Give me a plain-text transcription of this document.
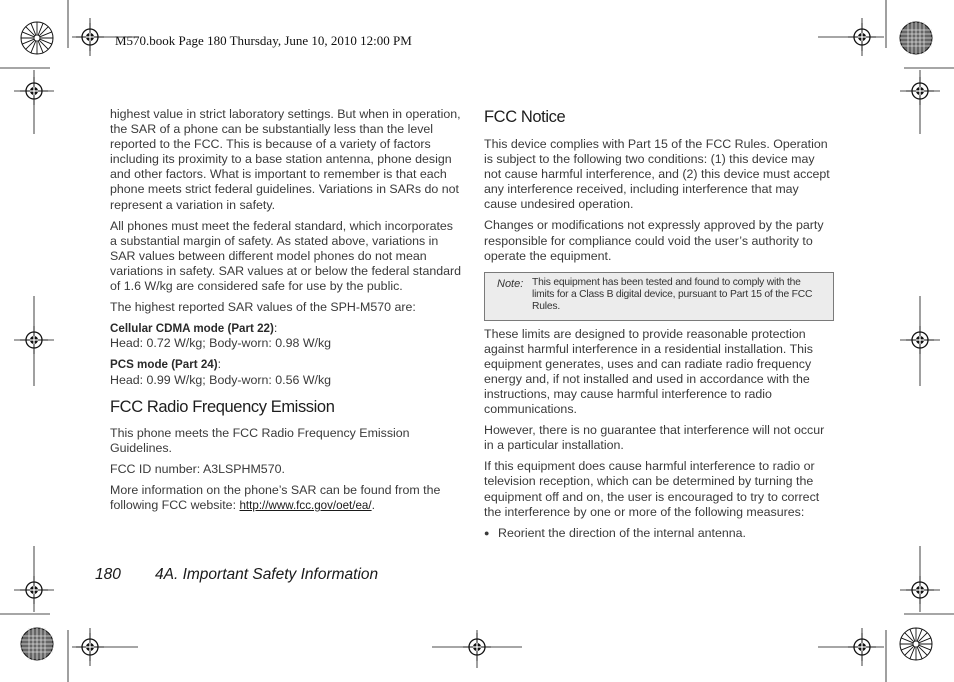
M570.book Page 180 Thursday, June 10, 2010 12:00 PM

highest value in strict laboratory settings. But when in operation, the SAR of a phone can be substantially less than the level reported to the FCC. This is because of a variety of factors including its proximity to a base station antenna, phone design and other factors. What is important to remember is that each phone meets strict federal guidelines. Variations in SARs do not represent a variation in safety.

All phones must meet the federal standard, which incorporates a substantial margin of safety. As stated above, variations in SAR values between different model phones do not mean variations in safety. SAR values at or below the federal standard of 1.6 W/kg are considered safe for use by the public.

The highest reported SAR values of the SPH-M570 are:

Cellular CDMA mode (Part 22):
Head: 0.72 W/kg; Body-worn: 0.98 W/kg

PCS mode (Part 24):
Head: 0.99 W/kg; Body-worn: 0.56 W/kg

FCC Radio Frequency Emission

This phone meets the FCC Radio Frequency Emission Guidelines.

FCC ID number: A3LSPHM570.

More information on the phone’s SAR can be found from the following FCC website: http://www.fcc.gov/oet/ea/.

FCC Notice

This device complies with Part 15 of the FCC Rules. Operation is subject to the following two conditions: (1) this device may not cause harmful interference, and (2) this device must accept any interference received, including interference that may cause undesired operation.

Changes or modifications not expressly approved by the party responsible for compliance could void the user’s authority to operate the equipment.

Note: This equipment has been tested and found to comply with the limits for a Class B digital device, pursuant to Part 15 of the FCC Rules.

These limits are designed to provide reasonable protection against harmful interference in a residential installation. This equipment generates, uses and can radiate radio frequency energy and, if not installed and used in accordance with the instructions, may cause harmful interference to radio communications.

However, there is no guarantee that interference will not occur in a particular installation.

If this equipment does cause harmful interference to radio or television reception, which can be determined by turning the equipment off and on, the user is encouraged to try to correct the interference by one or more of the following measures:

● Reorient the direction of the internal antenna.
180 4A. Important Safety Information
